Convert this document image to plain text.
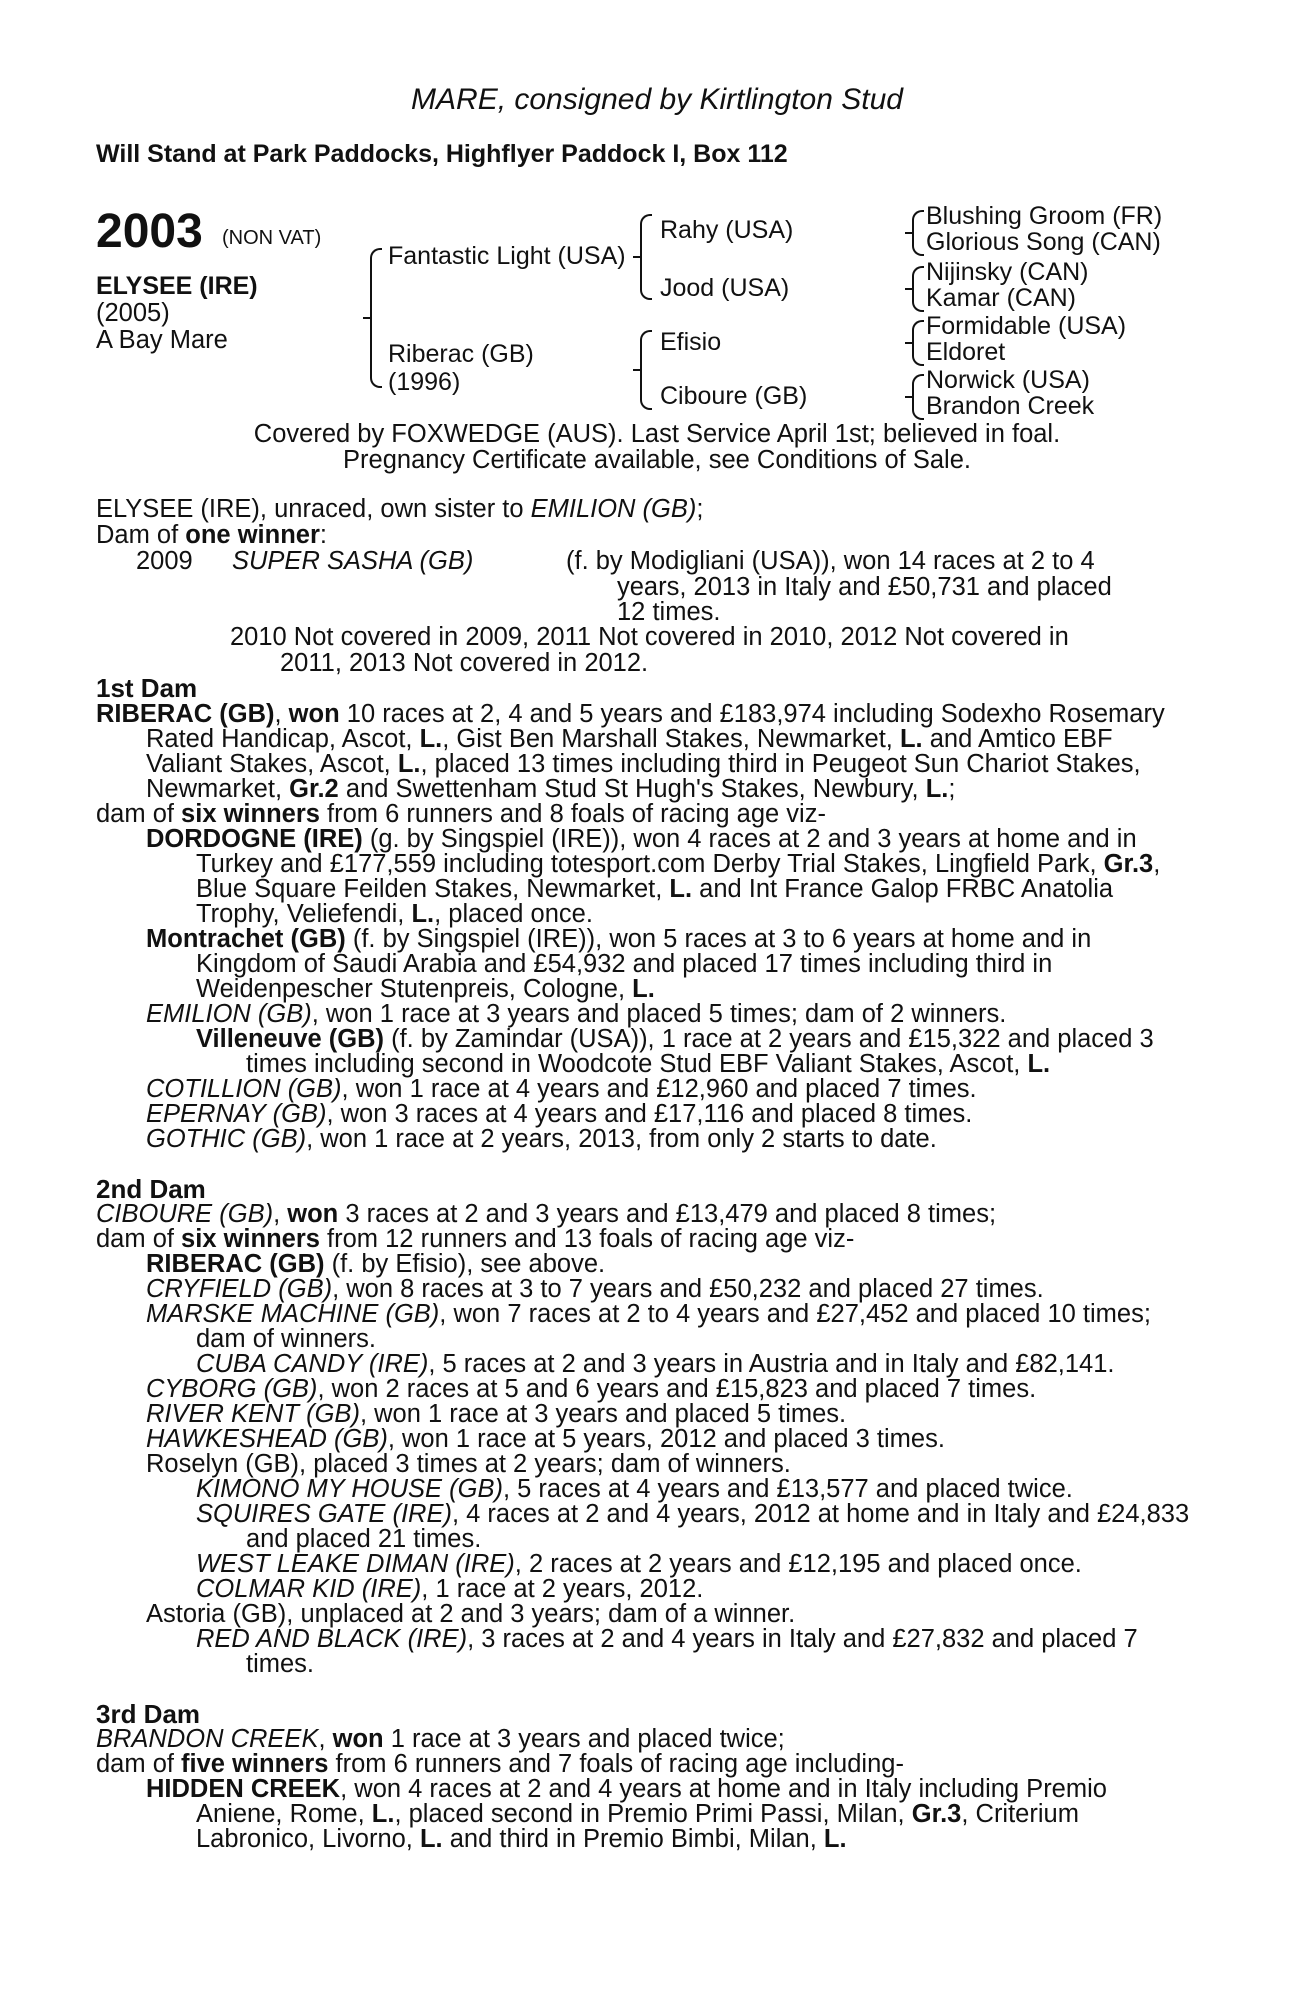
MARE, consigned by Kirtlington Stud
Will Stand at Park Paddocks, Highflyer Paddock I, Box 112
2003 (NON VAT)
ELYSEE (IRE)
(2005)
A Bay Mare
Fantastic Light (USA)
Riberac (GB)
(1996)
Rahy (USA)
Jood (USA)
Efisio
Ciboure (GB)
Blushing Groom (FR)
Glorious Song (CAN)
Nijinsky (CAN)
Kamar (CAN)
Formidable (USA)
Eldoret
Norwick (USA)
Brandon Creek
Covered by FOXWEDGE (AUS). Last Service April 1st; believed in foal.
Pregnancy Certificate available, see Conditions of Sale.
ELYSEE (IRE), unraced, own sister to EMILION (GB);
Dam of one winner:
2009 SUPER SASHA (GB)	(f. by Modigliani (USA)), won 14 races at 2 to 4
years, 2013 in Italy and £50,731 and placed
12 times.
2010 Not covered in 2009, 2011 Not covered in 2010, 2012 Not covered in
2011, 2013 Not covered in 2012.
1st Dam
RIBERAC (GB), won 10 races at 2, 4 and 5 years and £183,974 including Sodexho Rosemary
Rated Handicap, Ascot, L., Gist Ben Marshall Stakes, Newmarket, L. and Amtico EBF
Valiant Stakes, Ascot, L., placed 13 times including third in Peugeot Sun Chariot Stakes,
Newmarket, Gr.2 and Swettenham Stud St Hugh's Stakes, Newbury, L.;
dam of six winners from 6 runners and 8 foals of racing age viz-
DORDOGNE (IRE) (g. by Singspiel (IRE)), won 4 races at 2 and 3 years at home and in
Turkey and £177,559 including totesport.com Derby Trial Stakes, Lingfield Park, Gr.3,
Blue Square Feilden Stakes, Newmarket, L. and Int France Galop FRBC Anatolia
Trophy, Veliefendi, L., placed once.
Montrachet (GB) (f. by Singspiel (IRE)), won 5 races at 3 to 6 years at home and in
Kingdom of Saudi Arabia and £54,932 and placed 17 times including third in
Weidenpescher Stutenpreis, Cologne, L.
EMILION (GB), won 1 race at 3 years and placed 5 times; dam of 2 winners.
Villeneuve (GB) (f. by Zamindar (USA)), 1 race at 2 years and £15,322 and placed 3
times including second in Woodcote Stud EBF Valiant Stakes, Ascot, L.
COTILLION (GB), won 1 race at 4 years and £12,960 and placed 7 times.
EPERNAY (GB), won 3 races at 4 years and £17,116 and placed 8 times.
GOTHIC (GB), won 1 race at 2 years, 2013, from only 2 starts to date.
2nd Dam
CIBOURE (GB), won 3 races at 2 and 3 years and £13,479 and placed 8 times;
dam of six winners from 12 runners and 13 foals of racing age viz-
RIBERAC (GB) (f. by Efisio), see above.
CRYFIELD (GB), won 8 races at 3 to 7 years and £50,232 and placed 27 times.
MARSKE MACHINE (GB), won 7 races at 2 to 4 years and £27,452 and placed 10 times;
dam of winners.
CUBA CANDY (IRE), 5 races at 2 and 3 years in Austria and in Italy and £82,141.
CYBORG (GB), won 2 races at 5 and 6 years and £15,823 and placed 7 times.
RIVER KENT (GB), won 1 race at 3 years and placed 5 times.
HAWKESHEAD (GB), won 1 race at 5 years, 2012 and placed 3 times.
Roselyn (GB), placed 3 times at 2 years; dam of winners.
KIMONO MY HOUSE (GB), 5 races at 4 years and £13,577 and placed twice.
SQUIRES GATE (IRE), 4 races at 2 and 4 years, 2012 at home and in Italy and £24,833
and placed 21 times.
WEST LEAKE DIMAN (IRE), 2 races at 2 years and £12,195 and placed once.
COLMAR KID (IRE), 1 race at 2 years, 2012.
Astoria (GB), unplaced at 2 and 3 years; dam of a winner.
RED AND BLACK (IRE), 3 races at 2 and 4 years in Italy and £27,832 and placed 7
times.
3rd Dam
BRANDON CREEK, won 1 race at 3 years and placed twice;
dam of five winners from 6 runners and 7 foals of racing age including-
HIDDEN CREEK, won 4 races at 2 and 4 years at home and in Italy including Premio
Aniene, Rome, L., placed second in Premio Primi Passi, Milan, Gr.3, Criterium
Labronico, Livorno, L. and third in Premio Bimbi, Milan, L.
